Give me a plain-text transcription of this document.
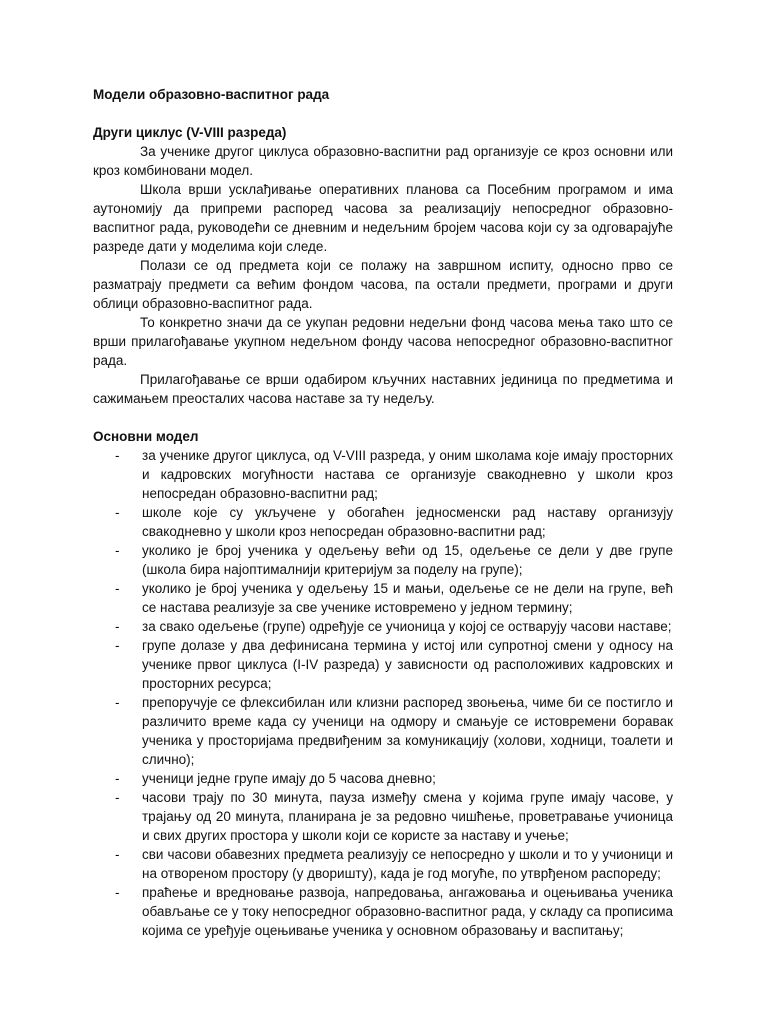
Модели образовно-васпитног рада

Други циклус (V-VIII разреда)

За ученике другог циклуса образовно-васпитни рад организује се кроз основни или кроз комбиновани модел.

Школа врши усклађивање оперативних планова са Посебним програмом и има аутономију да припреми распоред часова за реализацију непосредног образовно-васпитног рада, руководећи се дневним и недељним бројем часова који су за одговарајуће разреде дати у моделима који следе.

Полази се од предмета који се полажу на завршном испиту, односно прво се разматрају предмети са већим фондом часова, па остали предмети, програми и други облици образовно-васпитног рада.

То конкретно значи да се укупан редовни недељни фонд часова мења тако што се врши прилагођавање укупном недељном фонду часова непосредног образовно-васпитног рада.

Прилагођавање се врши одабиром кључних наставних јединица по предметима и сажимањем преосталих часова наставе за ту недељу.

Основни модел

- за ученике другог циклуса, од V-VIII разреда, у оним школама које имају просторних и кадровских могућности настава се организује свакодневно у школи кроз непосредан образовно-васпитни рад;
- школе које су укључене у обогаћен једносменски рад наставу организују свакодневно у школи кроз непосредан образовно-васпитни рад;
- уколико је број ученика у одељењу већи од 15, одељење се дели у две групе (школа бира најоптималнији критеријум за поделу на групе);
- уколико је број ученика у одељењу 15 и мањи, одељење се не дели на групе, већ се настава реализује за све ученике истовремено у једном термину;
- за свако одељење (групе) одређује се учионица у којој се остварују часови наставе;
- групе долазе у два дефинисана термина у истој или супротној смени у односу на ученике првог циклуса (I-IV разреда) у зависности од расположивих кадровских и просторних ресурса;
- препоручује се флексибилан или клизни распоред звоњења, чиме би се постигло и различито време када су ученици на одмору и смањује се истовремени боравак ученика у просторијама предвиђеним за комуникацију (холови, ходници, тоалети и слично);
- ученици једне групе имају до 5 часова дневно;
- часови трају по 30 минута, пауза између смена у којима групе имају часове, у трајању од 20 минута, планирана је за редовно чишћење, проветравање учионица и свих других простора у школи који се користе за наставу и учење;
- сви часови обавезних предмета реализују се непосредно у школи и то у учионици и на отвореном простору (у дворишту), када је год могуће, по утврђеном распореду;
- праћење и вредновање развоја, напредовања, ангажовања и оцењивања ученика обављање се у току непосредног образовно-васпитног рада, у складу са прописима којима се уређује оцењивање ученика у основном образовању и васпитању;
